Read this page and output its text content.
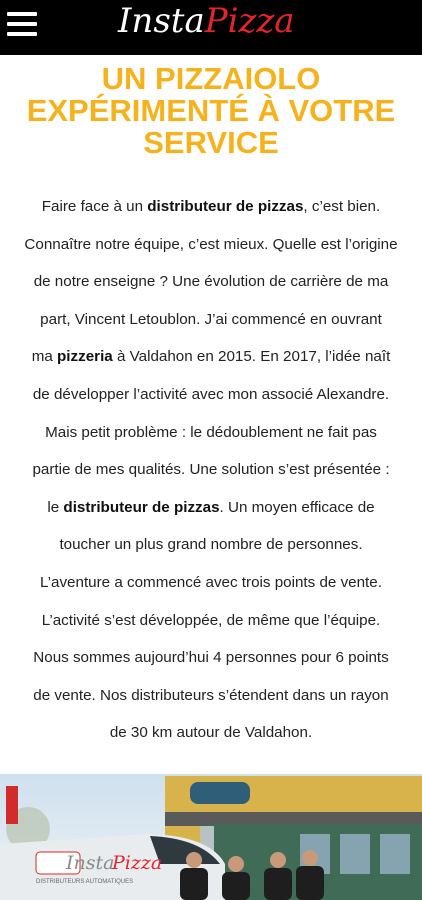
InstaPizza
UN PIZZAIOLO
EXPÉRIMENTÉ À VOTRE
SERVICE

Faire face à un distributeur de pizzas, c’est bien.
Connaître notre équipe, c’est mieux. Quelle est l’origine
de notre enseigne ? Une évolution de carrière de ma
part, Vincent Letoublon. J’ai commencé en ouvrant
ma pizzeria à Valdahon en 2015. En 2017, l’idée naît
de développer l’activité avec mon associé Alexandre.
Mais petit problème : le dédoublement ne fait pas
partie de mes qualités. Une solution s’est présentée :
le distributeur de pizzas. Un moyen efficace de
toucher un plus grand nombre de personnes.
L’aventure a commencé avec trois points de vente.
L’activité s’est développée, de même que l’équipe.
Nous sommes aujourd’hui 4 personnes pour 6 points
de vente. Nos distributeurs s’étendent dans un rayon
de 30 km autour de Valdahon.

Insta
Pizza
DISTRIBUTEURS AUTOMATIQUES
